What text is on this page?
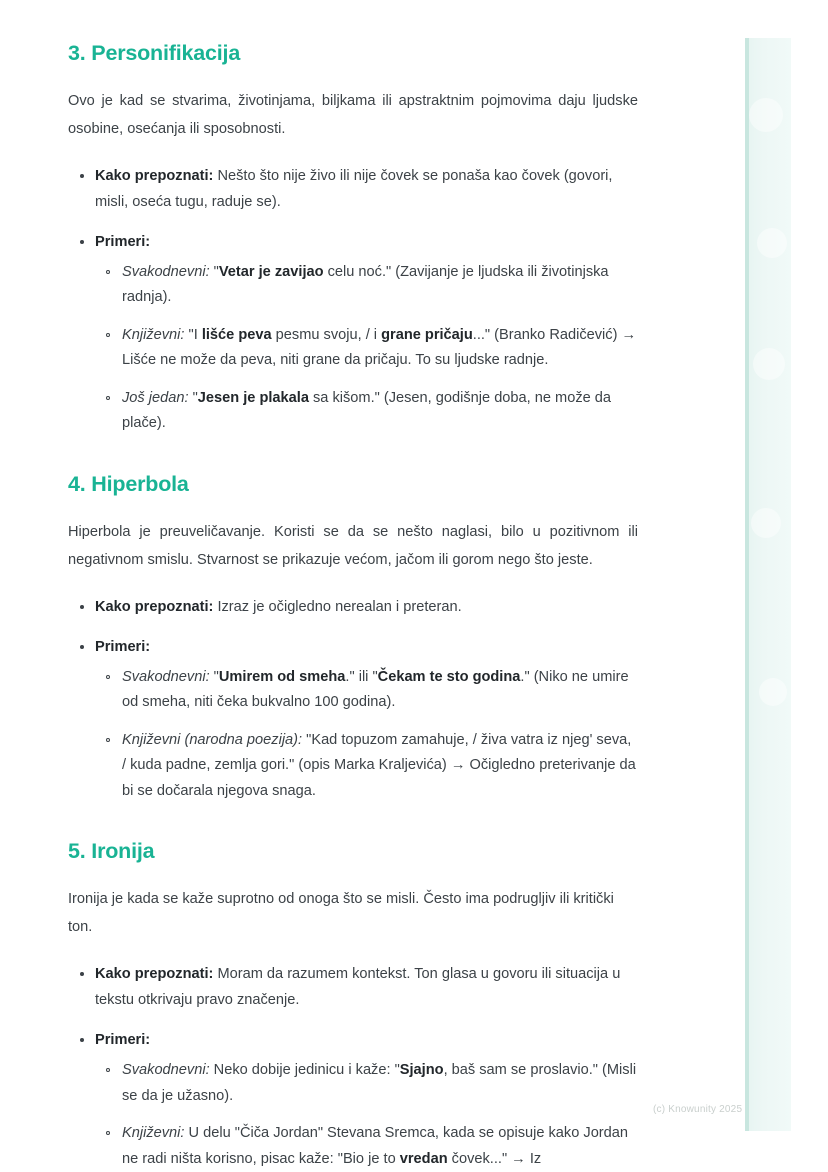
3. Personifikacija

Ovo je kad se stvarima, životinjama, biljkama ili apstraktnim pojmovima daju ljudske osobine, osećanja ili sposobnosti.

Kako prepoznati: Nešto što nije živo ili nije čovek se ponaša kao čovek (govori, misli, oseća tugu, raduje se).
Primeri:
Svakodnevni: "Vetar je zavijao celu noć." (Zavijanje je ljudska ili životinjska radnja).
Književni: "I lišće peva pesmu svoju, / i grane pričaju..." (Branko Radičević) → Lišće ne može da peva, niti grane da pričaju. To su ljudske radnje.
Još jedan: "Jesen je plakala sa kišom." (Jesen, godišnje doba, ne može da plače).
4. Hiperbola

Hiperbola je preuveličavanje. Koristi se da se nešto naglasi, bilo u pozitivnom ili negativnom smislu. Stvarnost se prikazuje većom, jačom ili gorom nego što jeste.

Kako prepoznati: Izraz je očigledno nerealan i preteran.
Primeri:
Svakodnevni: "Umirem od smeha." ili "Čekam te sto godina." (Niko ne umire od smeha, niti čeka bukvalno 100 godina).
Književni (narodna poezija): "Kad topuzom zamahuje, / živa vatra iz njeg' seva, / kuda padne, zemlja gori." (opis Marka Kraljevića) → Očigledno preterivanje da bi se dočarala njegova snaga.
5. Ironija

Ironija je kada se kaže suprotno od onoga što se misli. Često ima podrugljiv ili kritički ton.

Kako prepoznati: Moram da razumem kontekst. Ton glasa u govoru ili situacija u tekstu otkrivaju pravo značenje.
Primeri:
Svakodnevni: Neko dobije jedinicu i kaže: "Sjajno, baš sam se proslavio." (Misli se da je užasno).
Književni: U delu "Čiča Jordan" Stevana Sremca, kada se opisuje kako Jordan ne radi ništa korisno, pisac kaže: "Bio je to vredan čovek..." → Iz
(c) Knowunity 2025
